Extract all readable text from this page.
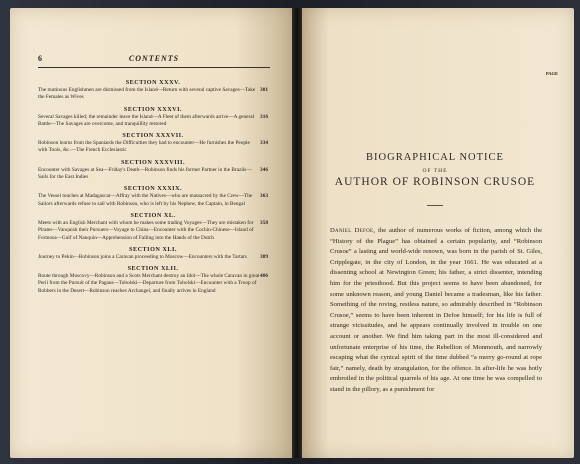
6	CONTENTS
PAGE
SECTION XXXV.
301
The mutinous Englishmen are dismissed from the Island—Return with several captive Savages—Take the Females as Wives
SECTION XXXVI.
316
Several Savages killed; the remainder leave the Island—A Fleet of them afterwards arrive—A general Battle—The Savages are overcome, and tranquillity restored
SECTION XXXVII.
334
Robinson learns from the Spaniards the Difficulties they had to encounter—He furnishes the People with Tools, &c.—The French Ecclesiastic
SECTION XXXVIII.
346
Encounter with Savages at Sea—Friday's Death—Robinson finds his former Partner in the Brazils—Sails for the East Indies
SECTION XXXIX.
363
The Vessel touches at Madagascar—Affray with the Natives—who are massacred by the Crew—The Sailors afterwards refuse to sail with Robinson, who is left by his Nephew, the Captain, in Bengal
SECTION XL.
358
Meets with an English Merchant with whom he makes some trading Voyages—They are mistaken for Pirates—Vanquish their Pursuers—Voyage to China—Encounter with the Cochin-Chinese—Island of Formosa—Gulf of Nanquin—Apprehension of Falling into the Hands of the Dutch
SECTION XLI.
389
Journey to Pekin—Robinson joins a Caravan proceeding to Moscow—Encounters with the Tartars
SECTION XLII.
406
Route through Muscovy—Robinson and a Scots Merchant destroy an Idol—The whole Caravan in great Peril from the Pursuit of the Pagans—Tobolski—Departure from Tobolski—Encounter with a Troop of Robbers in the Desert—Robinson reaches Archangel, and finally arrives in England
BIOGRAPHICAL NOTICE
OF THE
AUTHOR OF ROBINSON CRUSOE
Daniel Defoe, the author of numerous works of fiction, among which the “History of the Plague” has obtained a certain popularity, and “Robinson Crusoe” a lasting and world-wide renown, was born in the parish of St. Giles, Cripplegate, in the city of London, in the year 1661. He was educated at a dissenting school at Newington Green; his father, a strict dissenter, intending him for the priesthood. But this project seems to have been abandoned, for some unknown reason, and young Daniel became a tradesman, like his father. Something of the roving, restless nature, so admirably described in “Robinson Crusoe,” seems to have been inherent in Defoe himself; for his life is full of strange vicissitudes, and he appears continually involved in trouble on one account or another. We find him taking part in the most ill-considered and unfortunate enterprise of his time, the Rebellion of Monmouth, and narrowly escaping what the cynical spirit of the time dubbed “a merry go-round at rope fair,” namely, death by strangulation, for the offence. In after-life he was hotly embroiled in the political quarrels of his age. At one time he was compelled to stand in the pillory, as a punishment for
